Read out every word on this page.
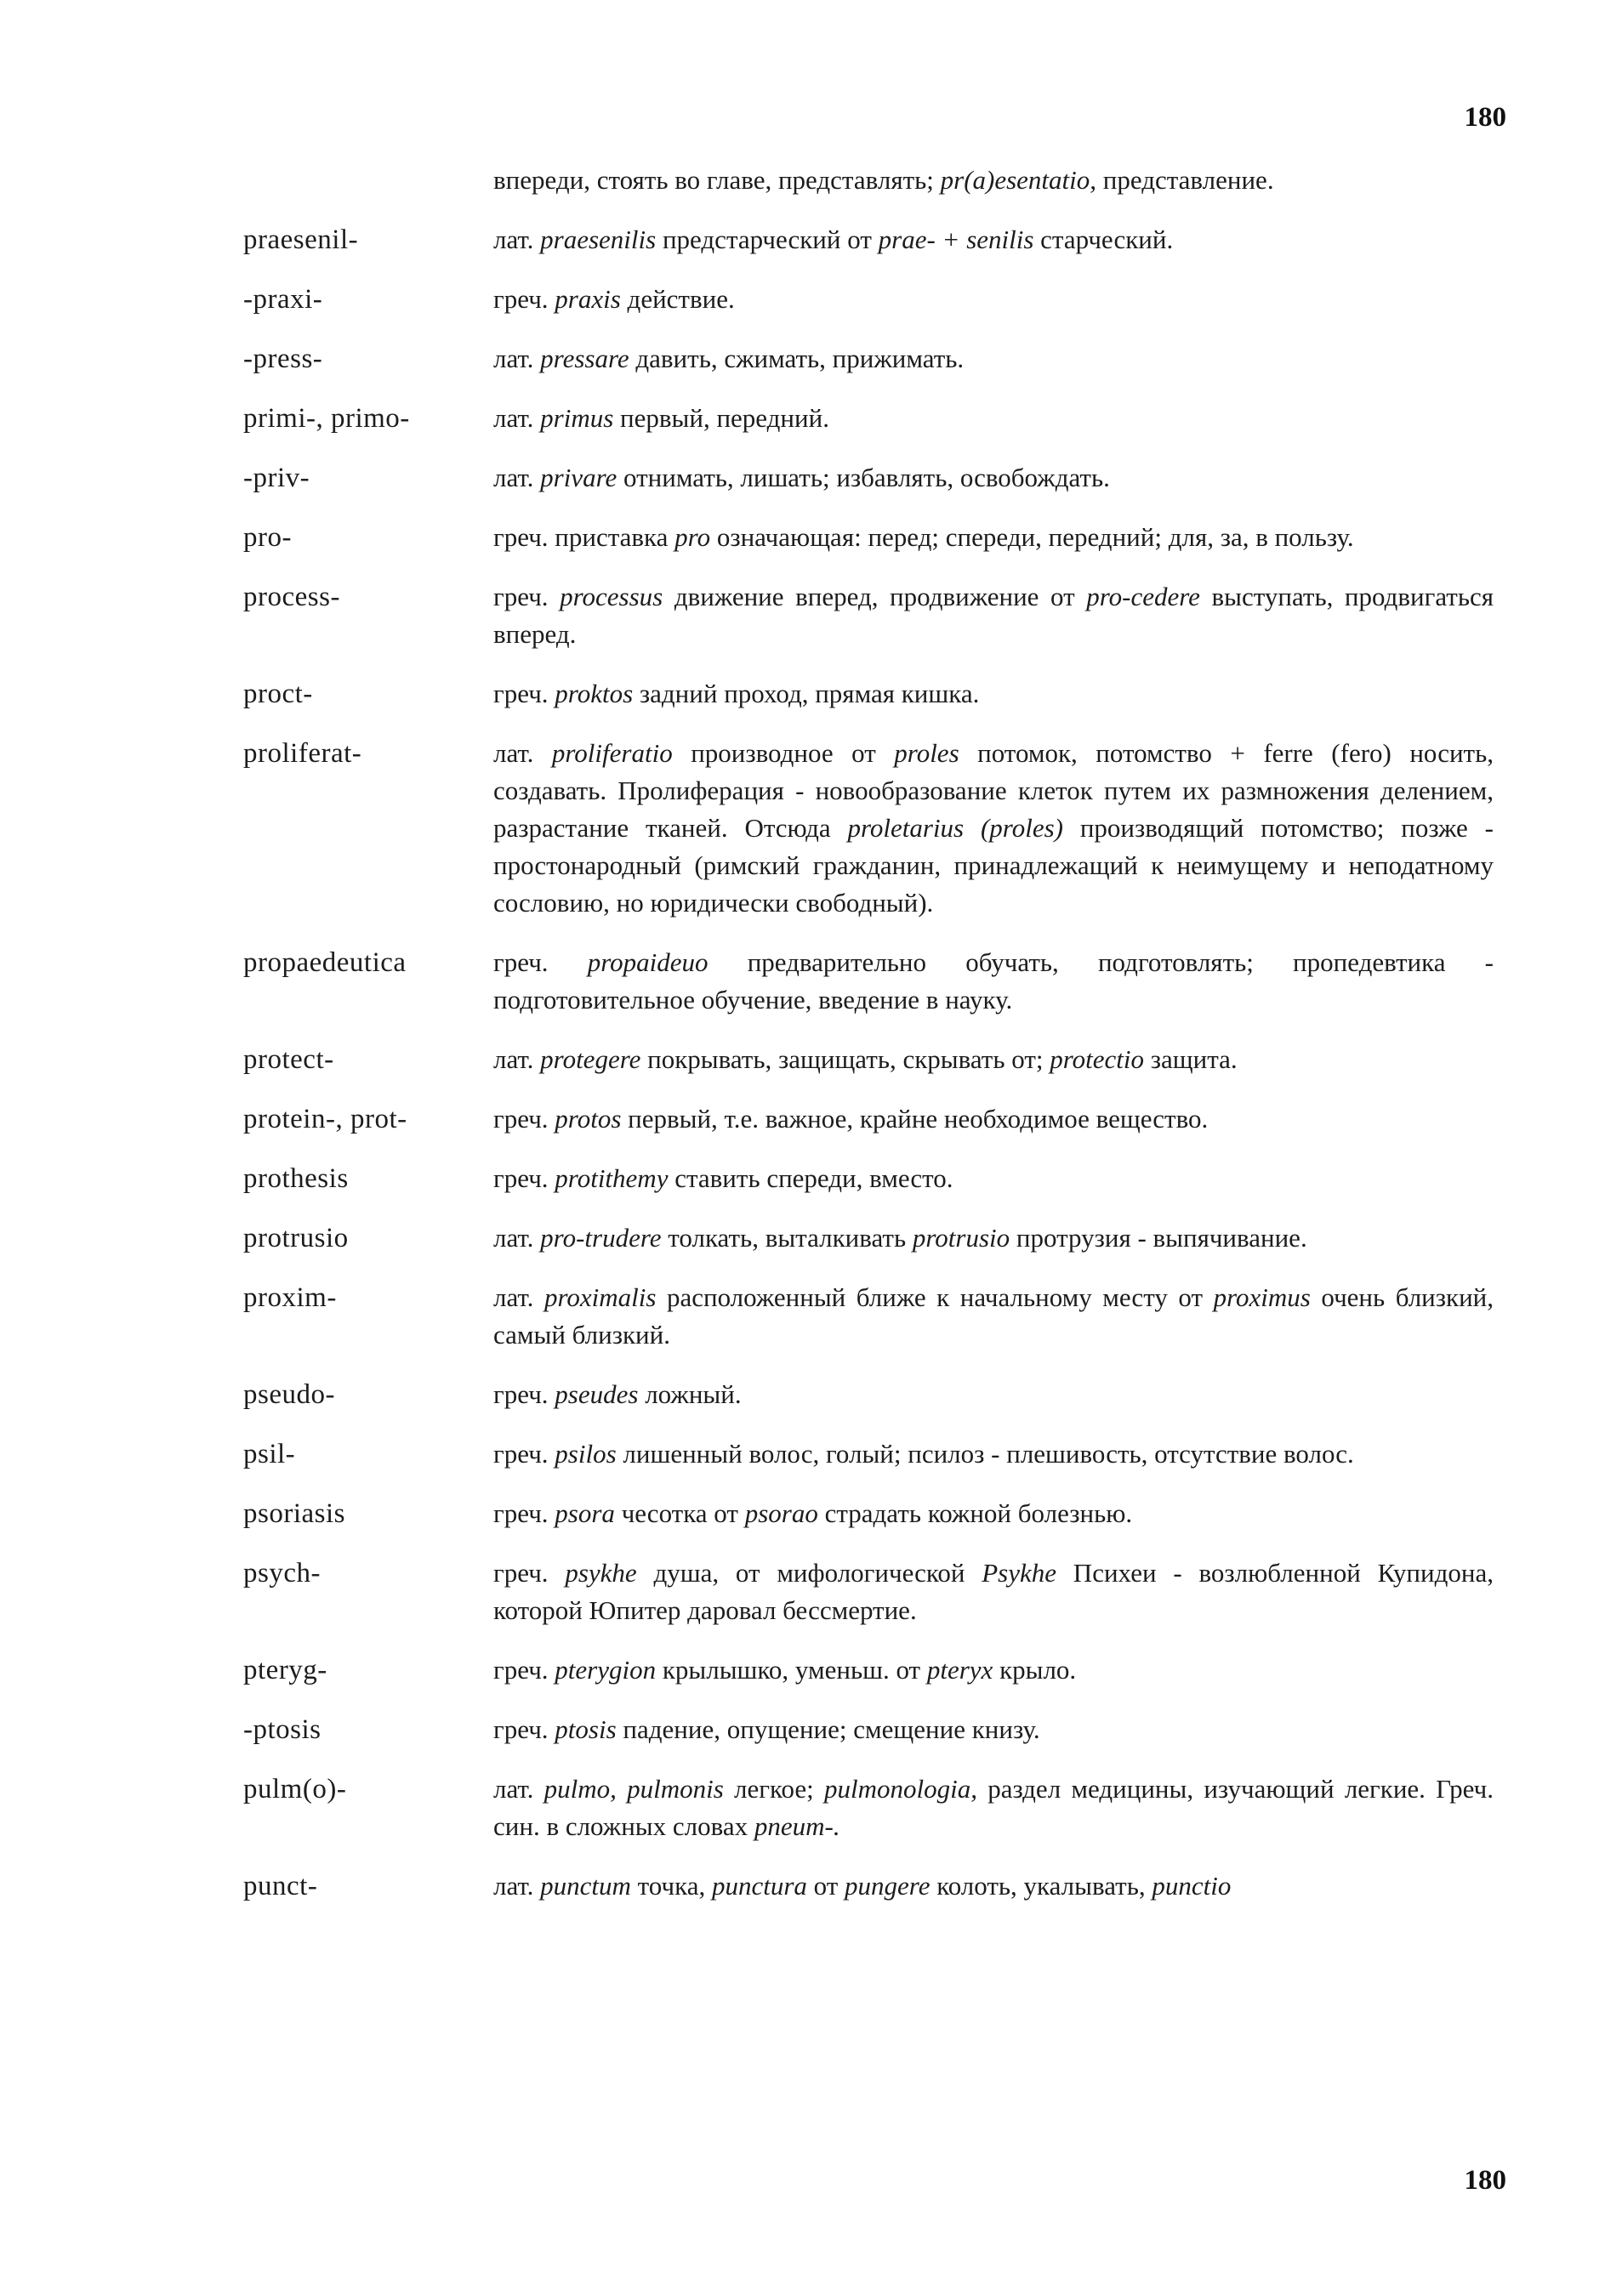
180
впереди, стоять во главе, представлять; pr(a)esentatio, представление.
praesenil-	лат. praesenilis предстарческий от prae- + senilis старческий.
-praxi-	греч. praxis действие.
-press-	лат. pressare давить, сжимать, прижимать.
primi-, primo-	лат. primus первый, передний.
-priv-	лат. privare отнимать, лишать; избавлять, освобождать.
pro-	греч. приставка pro означающая: перед; спереди, передний; для, за, в пользу.
process-	греч. processus движение вперед, продвижение от pro-cedere выступать, продвигаться вперед.
proct-	греч. proktos задний проход, прямая кишка.
proliferat-	лат. proliferatio производное от proles потомок, потомство + ferre (fero) носить, создавать. Пролиферация - новообразование клеток путем их размножения делением, разрастание тканей. Отсюда proletarius (proles) производящий потомство; позже - простонародный (римский гражданин, принадлежащий к неимущему и неподатному сословию, но юридически свободный).
propaedeutica	греч. propaideuo предварительно обучать, подготовлять; пропедевтика - подготовительное обучение, введение в науку.
protect-	лат. protegere покрывать, защищать, скрывать от; protectio защита.
protein-, prot-	греч. protos первый, т.е. важное, крайне необходимое вещество.
prothesis	греч. protithemy ставить спереди, вместо.
protrusio	лат. pro-trudere толкать, выталкивать protrusio протрузия - выпячивание.
proxim-	лат. proximalis расположенный ближе к начальному месту от proximus очень близкий, самый близкий.
pseudo-	греч. pseudes ложный.
psil-	греч. psilos лишенный волос, голый; псилоз - плешивость, отсутствие волос.
psoriasis	греч. psora чесотка от psorao страдать кожной болезнью.
psych-	греч. psykhe душа, от мифологической Psykhe Психеи - возлюбленной Купидона, которой Юпитер даровал бессмертие.
pteryg-	греч. pterygion крылышко, уменьш. от pteryx крыло.
-ptosis	греч. ptosis падение, опущение; смещение книзу.
pulm(o)-	лат. pulmo, pulmonis легкое; pulmonologia, раздел медицины, изучающий легкие. Греч. син. в сложных словах pneum-.
punct-	лат. punctum точка, punctura от pungere колоть, укалывать, punctio
180
